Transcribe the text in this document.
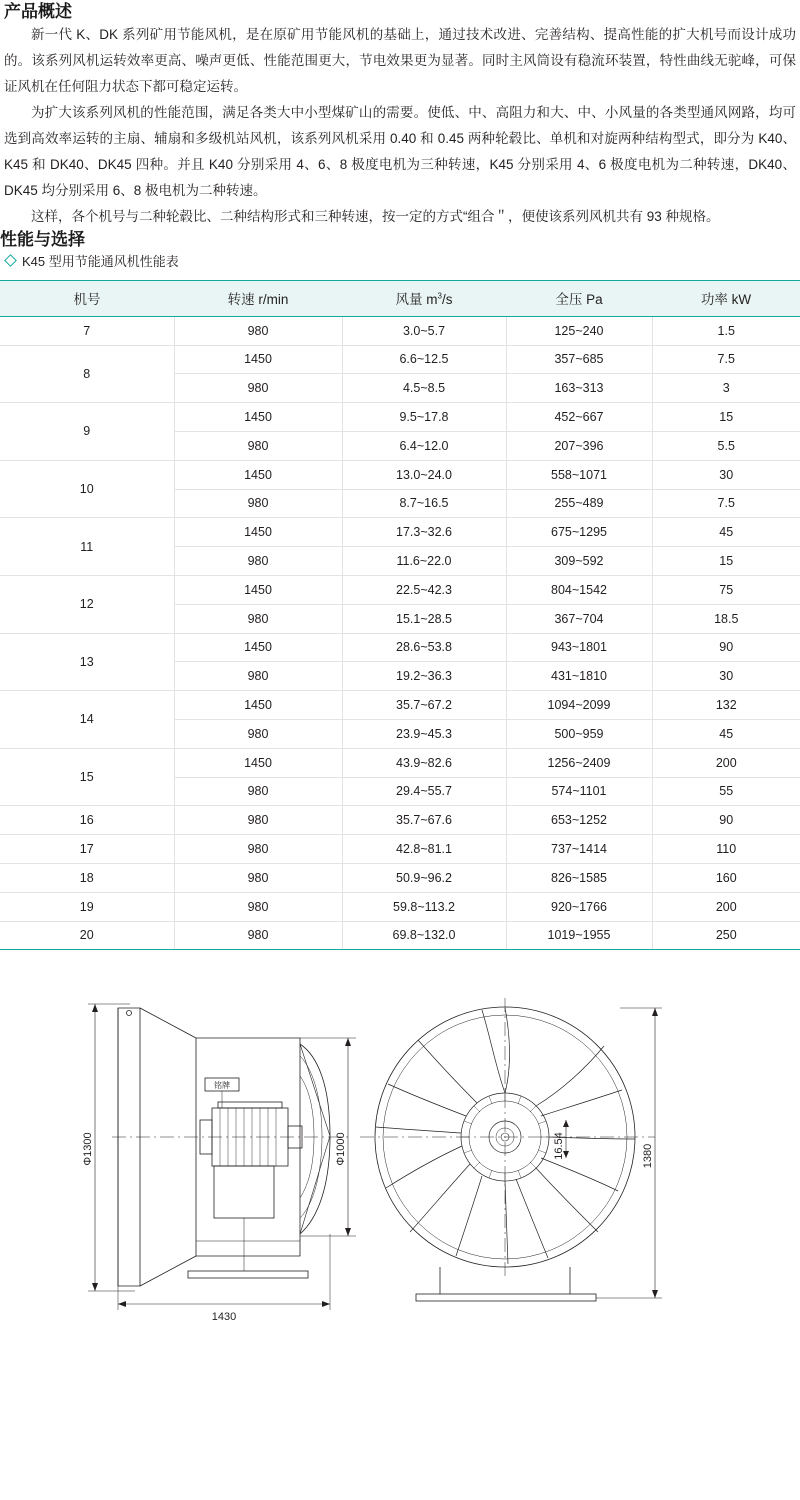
产品概述

新一代 K、DK 系列矿用节能风机，是在原矿用节能风机的基础上，通过技术改进、完善结构、提高性能的扩大机号而设计成功的。该系列风机运转效率更高、噪声更低、性能范围更大，节电效果更为显著。同时主风筒设有稳流环装置，特性曲线无驼峰，可保证风机在任何阻力状态下都可稳定运转。

为扩大该系列风机的性能范围，满足各类大中小型煤矿山的需要。使低、中、高阻力和大、中、小风量的各类型通风网路，均可选到高效率运转的主扇、辅扇和多级机站风机，该系列风机采用 0.40 和 0.45 两种轮毂比、单机和对旋两种结构型式，即分为 K40、K45 和 DK40、DK45 四种。并且 K40 分别采用 4、6、8 极度电机为三种转速，K45 分别采用 4、6 极度电机为二种转速，DK40、DK45 均分别采用 6、8 极电机为二种转速。

这样，各个机号与二种轮毂比、二种结构形式和三种转速，按一定的方式“组合＂，便使该系列风机共有 93 种规格。

性能与选择
K45 型用节能通风机性能表
机号	转速 r/min	风量 $m^3/s$	全压 Pa	功率 kW
7	980	3.0~5.7	125~240	1.5
8	1450	6.6~12.5	357~685	7.5
	980	4.5~8.5	163~313	3
9	1450	9.5~17.8	452~667	15
	980	6.4~12.0	207~396	5.5
10	1450	13.0~24.0	558~1071	30
	980	8.7~16.5	255~489	7.5
11	1450	17.3~32.6	675~1295	45
	980	11.6~22.0	309~592	15
12	1450	22.5~42.3	804~1542	75
	980	15.1~28.5	367~704	18.5
13	1450	28.6~53.8	943~1801	90
	980	19.2~36.3	431~1810	30
14	1450	35.7~67.2	1094~2099	132
	980	23.9~45.3	500~959	45
15	1450	43.9~82.6	1256~2409	200
	980	29.4~55.7	574~1101	55
16	980	35.7~67.6	653~1252	90
17	980	42.8~81.1	737~1414	110
18	980	50.9~96.2	826~1585	160
19	980	59.8~113.2	920~1766	200
20	980	69.8~132.0	1019~1955	250
Φ1300	Φ1000
1430
1380
16.54
铭牌
